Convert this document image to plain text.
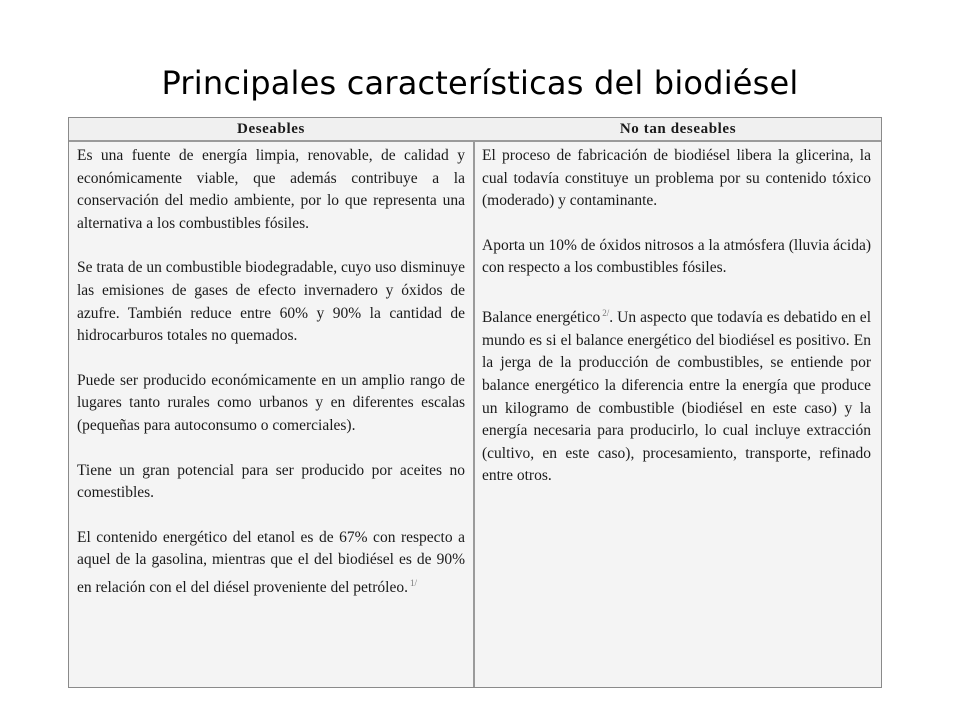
Principales características del biodiésel
Deseables	No tan deseables

Es una fuente de energía limpia, renovable, de calidad y económicamente viable, que además contribuye a la conservación del medio ambiente, por lo que representa una alternativa a los combustibles fósiles.

Se trata de un combustible biodegradable, cuyo uso disminuye las emisiones de gases de efecto invernadero y óxidos de azufre. También reduce entre 60% y 90% la cantidad de hidrocarburos totales no quemados.

Puede ser producido económicamente en un amplio rango de lugares tanto rurales como urbanos y en diferentes escalas (pequeñas para autoconsumo o comerciales).

Tiene un gran potencial para ser producido por aceites no comestibles.

El contenido energético del etanol es de 67% con respecto a aquel de la gasolina, mientras que el del biodiésel es de 90% en relación con el del diésel proveniente del petróleo. $^{1/}$

El proceso de fabricación de biodiésel libera la glicerina, la cual todavía constituye un problema por su contenido tóxico (moderado) y contaminante.

Aporta un 10% de óxidos nitrosos a la atmósfera (lluvia ácida) con respecto a los combustibles fósiles.

Balance energético $^{2/}$. Un aspecto que todavía es debatido en el mundo es si el balance energético del biodiésel es positivo. En la jerga de la producción de combustibles, se entiende por balance energético la diferencia entre la energía que produce un kilogramo de combustible (biodiésel en este caso) y la energía necesaria para producirlo, lo cual incluye extracción (cultivo, en este caso), procesamiento, transporte, refinado entre otros.
